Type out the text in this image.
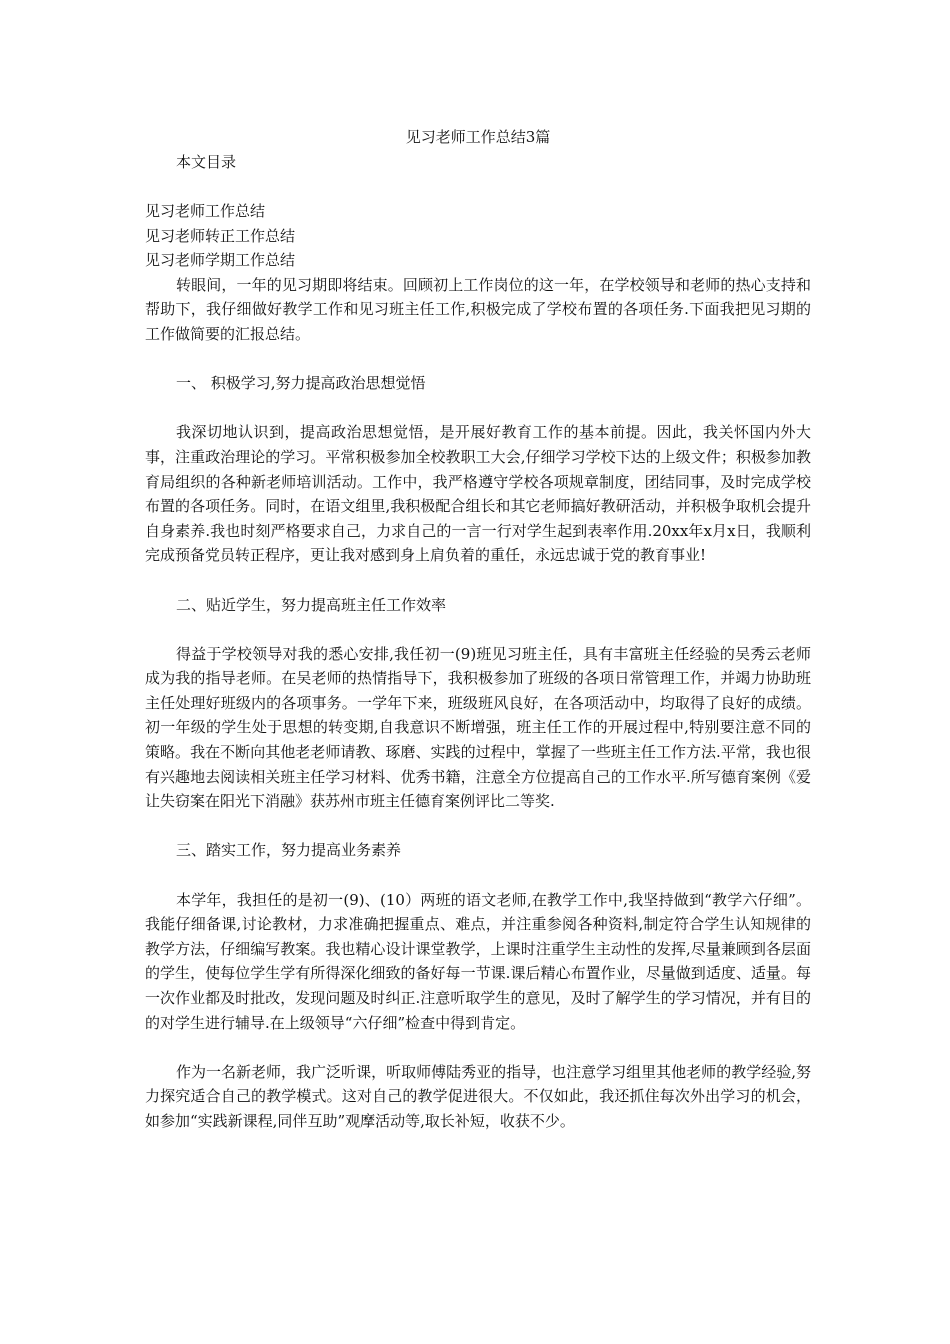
见习老师工作总结3篇

本文目录

见习老师工作总结

见习老师转正工作总结

见习老师学期工作总结

转眼间，一年的见习期即将结束。回顾初上工作岗位的这一年，在学校领导和老师的热心支持和帮助下，我仔细做好教学工作和见习班主任工作,积极完成了学校布置的各项任务.下面我把见习期的工作做简要的汇报总结。

一、 积极学习,努力提高政治思想觉悟

我深切地认识到，提高政治思想觉悟，是开展好教育工作的基本前提。因此，我关怀国内外大事，注重政治理论的学习。平常积极参加全校教职工大会,仔细学习学校下达的上级文件；积极参加教育局组织的各种新老师培训活动。工作中，我严格遵守学校各项规章制度，团结同事，及时完成学校布置的各项任务。同时，在语文组里,我积极配合组长和其它老师搞好教研活动，并积极争取机会提升自身素养.我也时刻严格要求自己，力求自己的一言一行对学生起到表率作用.20xx年x月x日，我顺利完成预备党员转正程序，更让我对感到身上肩负着的重任，永远忠诚于党的教育事业!

二、贴近学生，努力提高班主任工作效率

得益于学校领导对我的悉心安排,我任初一(9)班见习班主任，具有丰富班主任经验的吴秀云老师成为我的指导老师。在吴老师的热情指导下，我积极参加了班级的各项日常管理工作，并竭力协助班主任处理好班级内的各项事务。一学年下来，班级班风良好，在各项活动中，均取得了良好的成绩。初一年级的学生处于思想的转变期,自我意识不断增强，班主任工作的开展过程中,特别要注意不同的策略。我在不断向其他老老师请教、琢磨、实践的过程中，掌握了一些班主任工作方法.平常，我也很有兴趣地去阅读相关班主任学习材料、优秀书籍，注意全方位提高自己的工作水平.所写德育案例《爱让失窃案在阳光下消融》获苏州市班主任德育案例评比二等奖.

三、踏实工作，努力提高业务素养

本学年，我担任的是初一(9)、(10）两班的语文老师,在教学工作中,我坚持做到“教学六仔细”。我能仔细备课,讨论教材，力求准确把握重点、难点，并注重参阅各种资料,制定符合学生认知规律的教学方法，仔细编写教案。我也精心设计课堂教学，上课时注重学生主动性的发挥,尽量兼顾到各层面的学生，使每位学生学有所得深化细致的备好每一节课.课后精心布置作业，尽量做到适度、适量。每一次作业都及时批改，发现问题及时纠正.注意听取学生的意见，及时了解学生的学习情况，并有目的的对学生进行辅导.在上级领导“六仔细”检查中得到肯定。

作为一名新老师，我广泛听课，听取师傅陆秀亚的指导，也注意学习组里其他老师的教学经验,努力探究适合自己的教学模式。这对自己的教学促进很大。不仅如此，我还抓住每次外出学习的机会，如参加“实践新课程,同伴互助”观摩活动等,取长补短，收获不少。
